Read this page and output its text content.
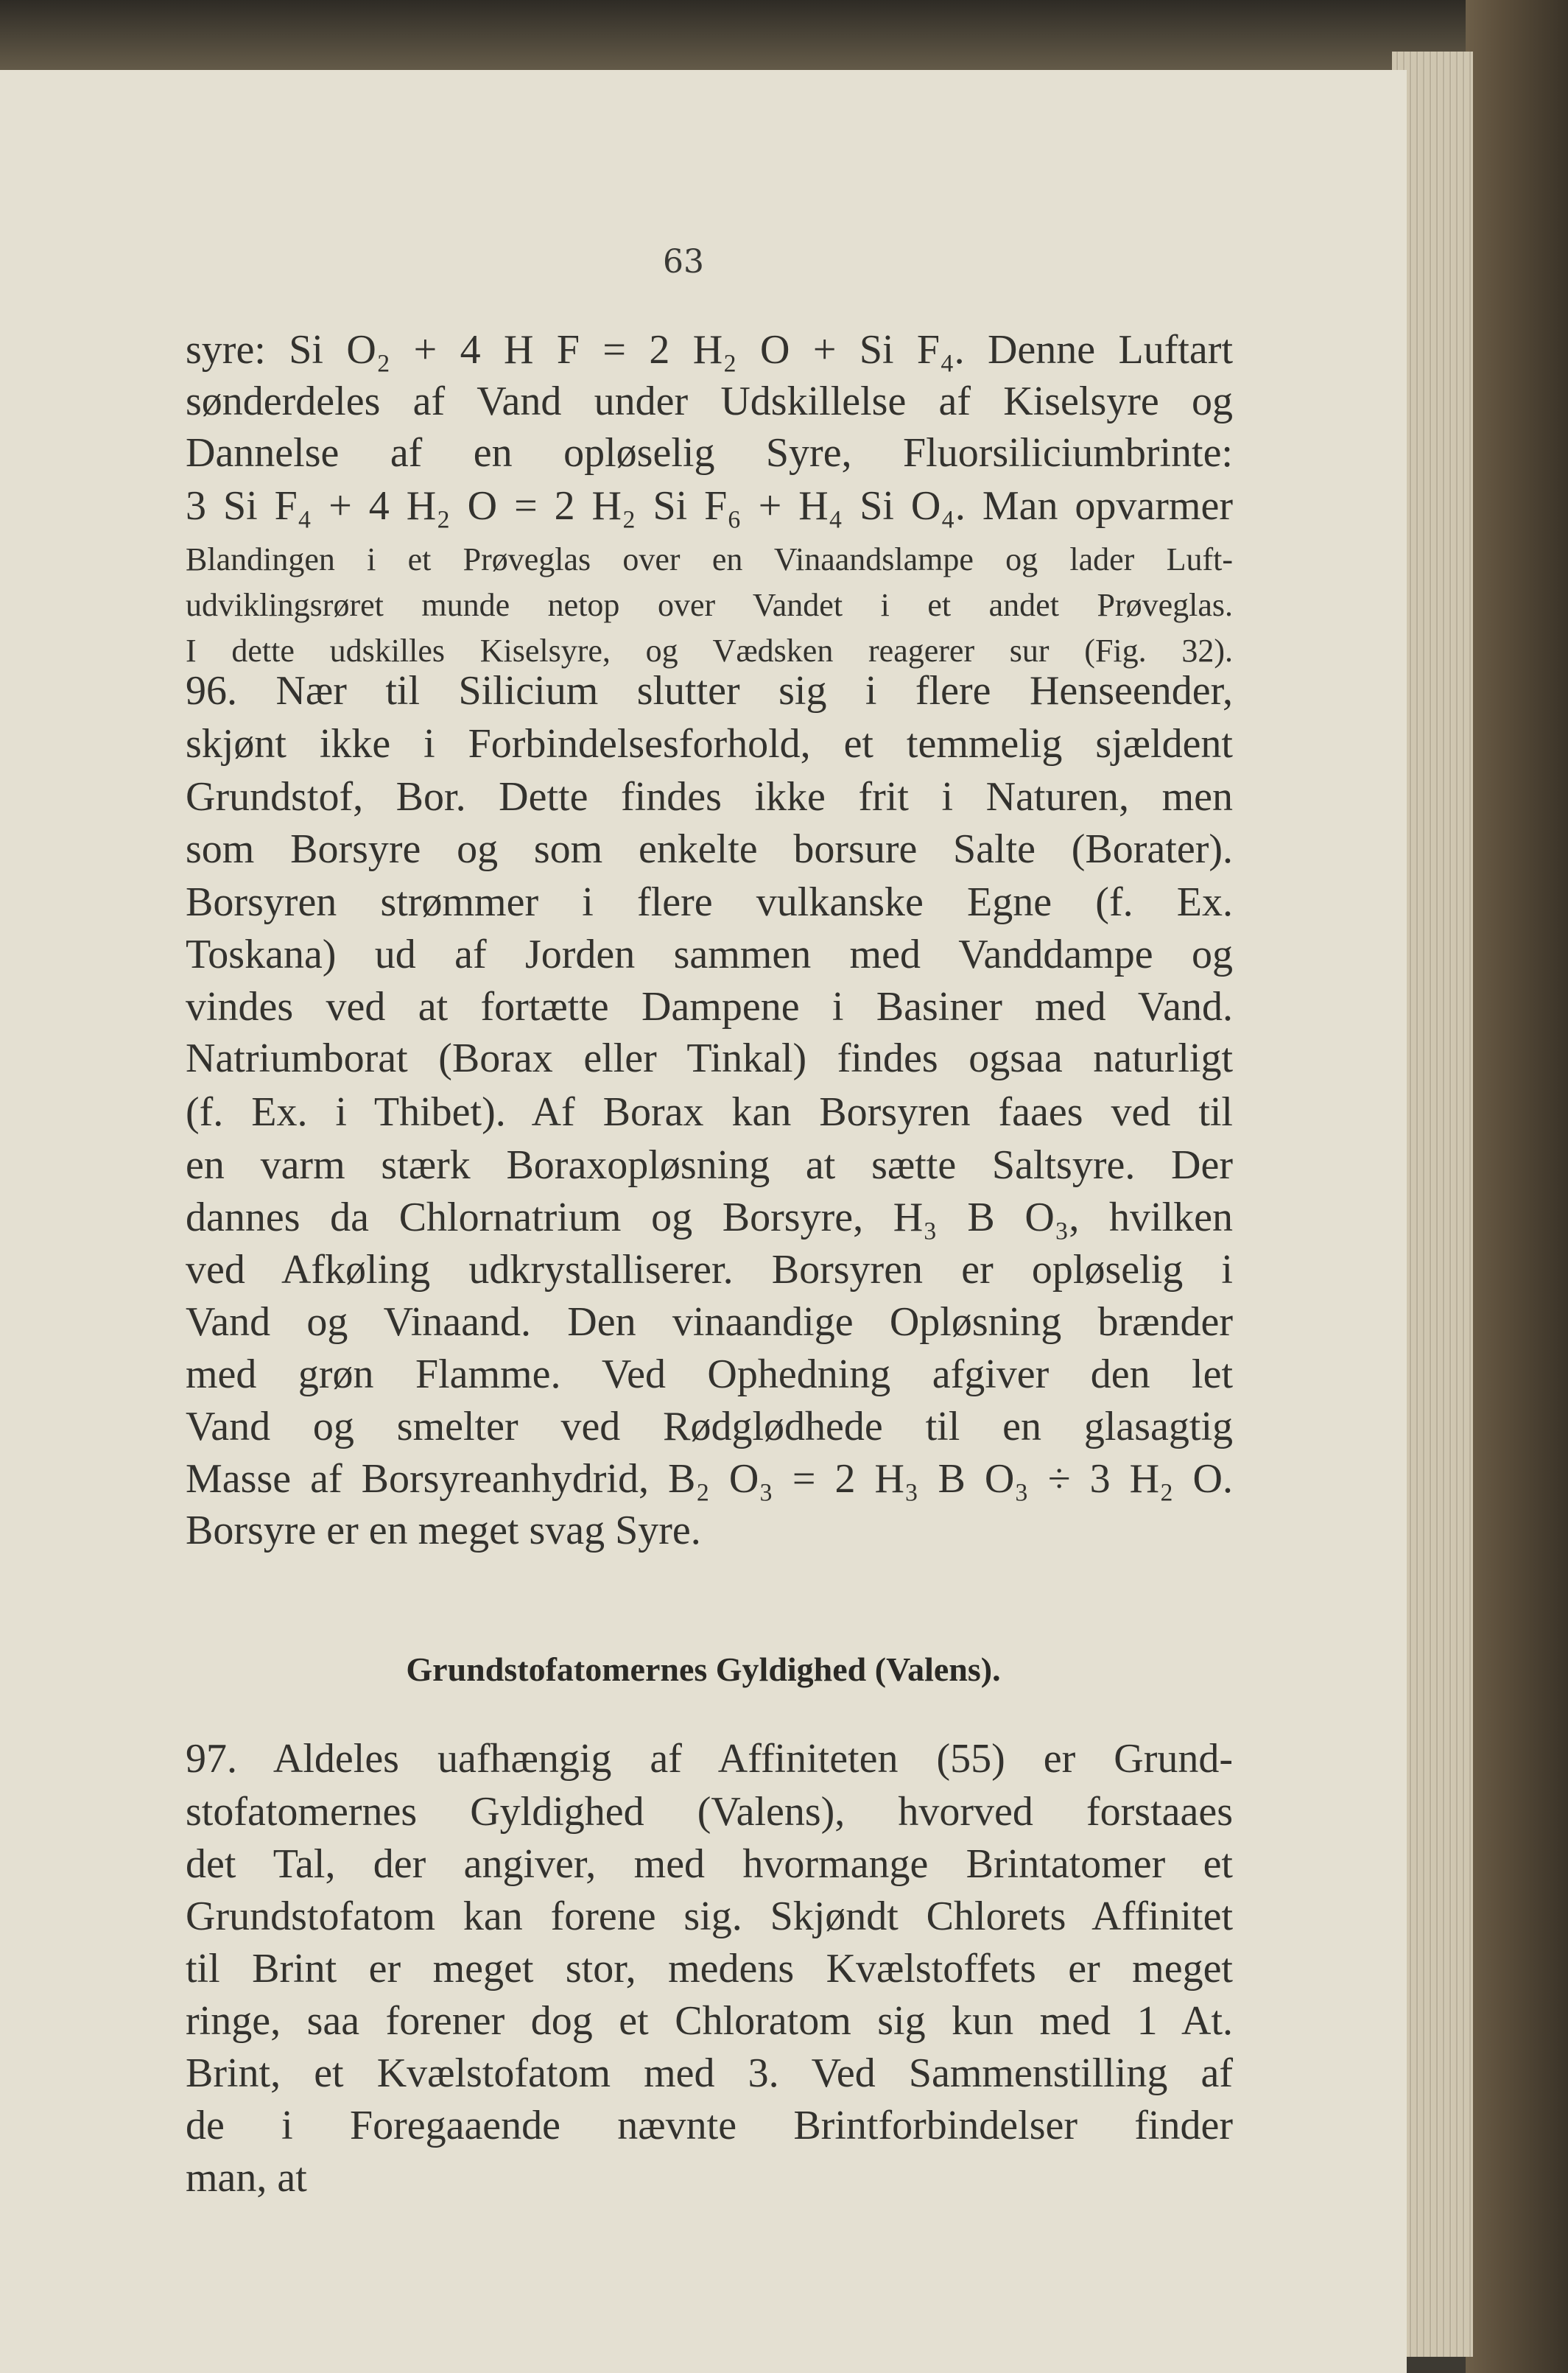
63
syre: Si O₂ + 4 H F = 2 H₂ O + Si F₄. Denne Luftart
sønderdeles af Vand under Udskillelse af Kiselsyre og
Dannelse af en opløselig Syre, Fluorsiliciumbrinte:
3 Si F₄ + 4 H₂ O = 2 H₂ Si F₆ + H₄ Si O₄. Man opvarmer
Blandingen i et Prøveglas over en Vinaandslampe og lader Luft-
udviklingsrøret munde netop over Vandet i et andet Prøveglas.
I dette udskilles Kiselsyre, og Vædsken reagerer sur (Fig. 32).
96. Nær til Silicium slutter sig i flere Henseender,
skjønt ikke i Forbindelsesforhold, et temmelig sjældent
Grundstof, Bor. Dette findes ikke frit i Naturen, men
som Borsyre og som enkelte borsure Salte (Borater).
Borsyren strømmer i flere vulkanske Egne (f. Ex.
Toskana) ud af Jorden sammen med Vanddampe og
vindes ved at fortætte Dampene i Basiner med Vand.
Natriumborat (Borax eller Tinkal) findes ogsaa naturligt
(f. Ex. i Thibet). Af Borax kan Borsyren faaes ved til
en varm stærk Boraxopløsning at sætte Saltsyre. Der
dannes da Chlornatrium og Borsyre, H₃ B O₃, hvilken
ved Afkøling udkrystalliserer. Borsyren er opløselig i
Vand og Vinaand. Den vinaandige Opløsning brænder
med grøn Flamme. Ved Ophedning afgiver den let
Vand og smelter ved Rødglødhede til en glasagtig
Masse af Borsyreanhydrid, B₂ O₃ = 2 H₃ B O₃ ÷ 3 H₂ O.
Borsyre er en meget svag Syre.
Grundstofatomernes Gyldighed (Valens).
97. Aldeles uafhængig af Affiniteten (55) er Grund-
stofatomernes Gyldighed (Valens), hvorved forstaaes
det Tal, der angiver, med hvormange Brintatomer et
Grundstofatom kan forene sig. Skjøndt Chlorets Affinitet
til Brint er meget stor, medens Kvælstoffets er meget
ringe, saa forener dog et Chloratom sig kun med 1 At.
Brint, et Kvælstofatom med 3. Ved Sammenstilling af
de i Foregaaende nævnte Brintforbindelser finder
man, at
